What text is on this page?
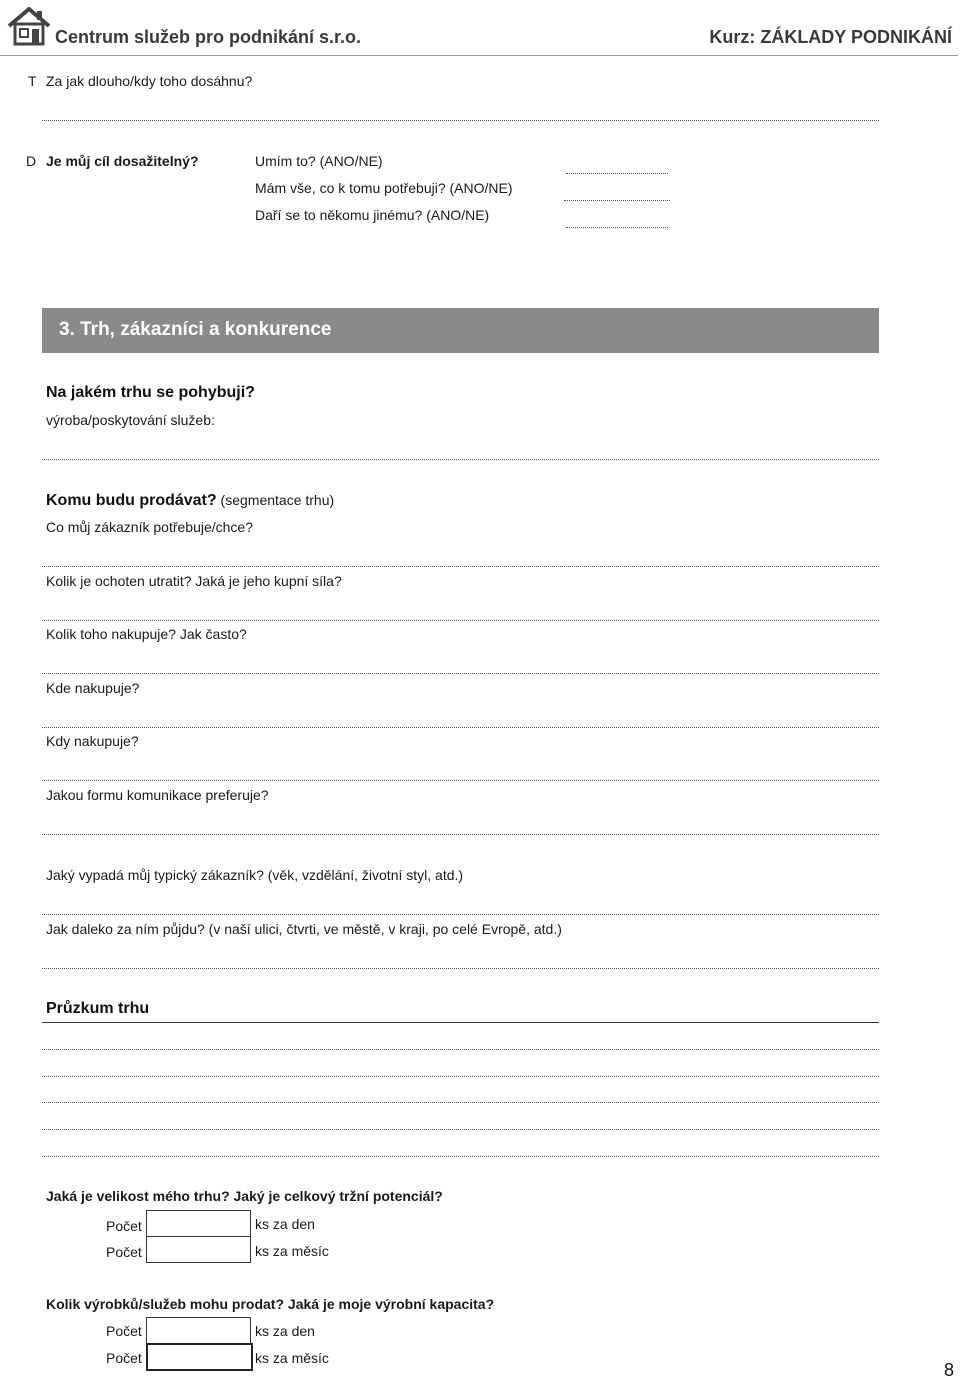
Centrum služeb pro podnikání s.r.o.	Kurz: ZÁKLADY PODNIKÁNÍ
T Za jak dlouho/kdy toho dosáhnu?
D Je můj cíl dosažitelný?	Umím to? (ANO/NE)
Mám vše, co k tomu potřebuji? (ANO/NE)
Daří se to někomu jinému? (ANO/NE)
3. Trh, zákazníci a konkurence
Na jakém trhu se pohybuji?
výroba/poskytování služeb:
Komu budu prodávat? (segmentace trhu)
Co můj zákazník potřebuje/chce?
Kolik je ochoten utratit? Jaká je jeho kupní síla?
Kolik toho nakupuje? Jak často?
Kde nakupuje?
Kdy nakupuje?
Jakou formu komunikace preferuje?
Jaký vypadá můj typický zákazník? (věk, vzdělání, životní styl, atd.)
Jak daleko za ním půjdu? (v naší ulici, čtvrti, ve městě, v kraji, po celé Evropě, atd.)
Průzkum trhu
Jaká je velikost mého trhu? Jaký je celkový tržní potenciál?
Počet	ks za den
Počet	ks za měsíc
Kolik výrobků/služeb mohu prodat? Jaká je moje výrobní kapacita?
Počet	ks za den
Počet	ks za měsíc
8
